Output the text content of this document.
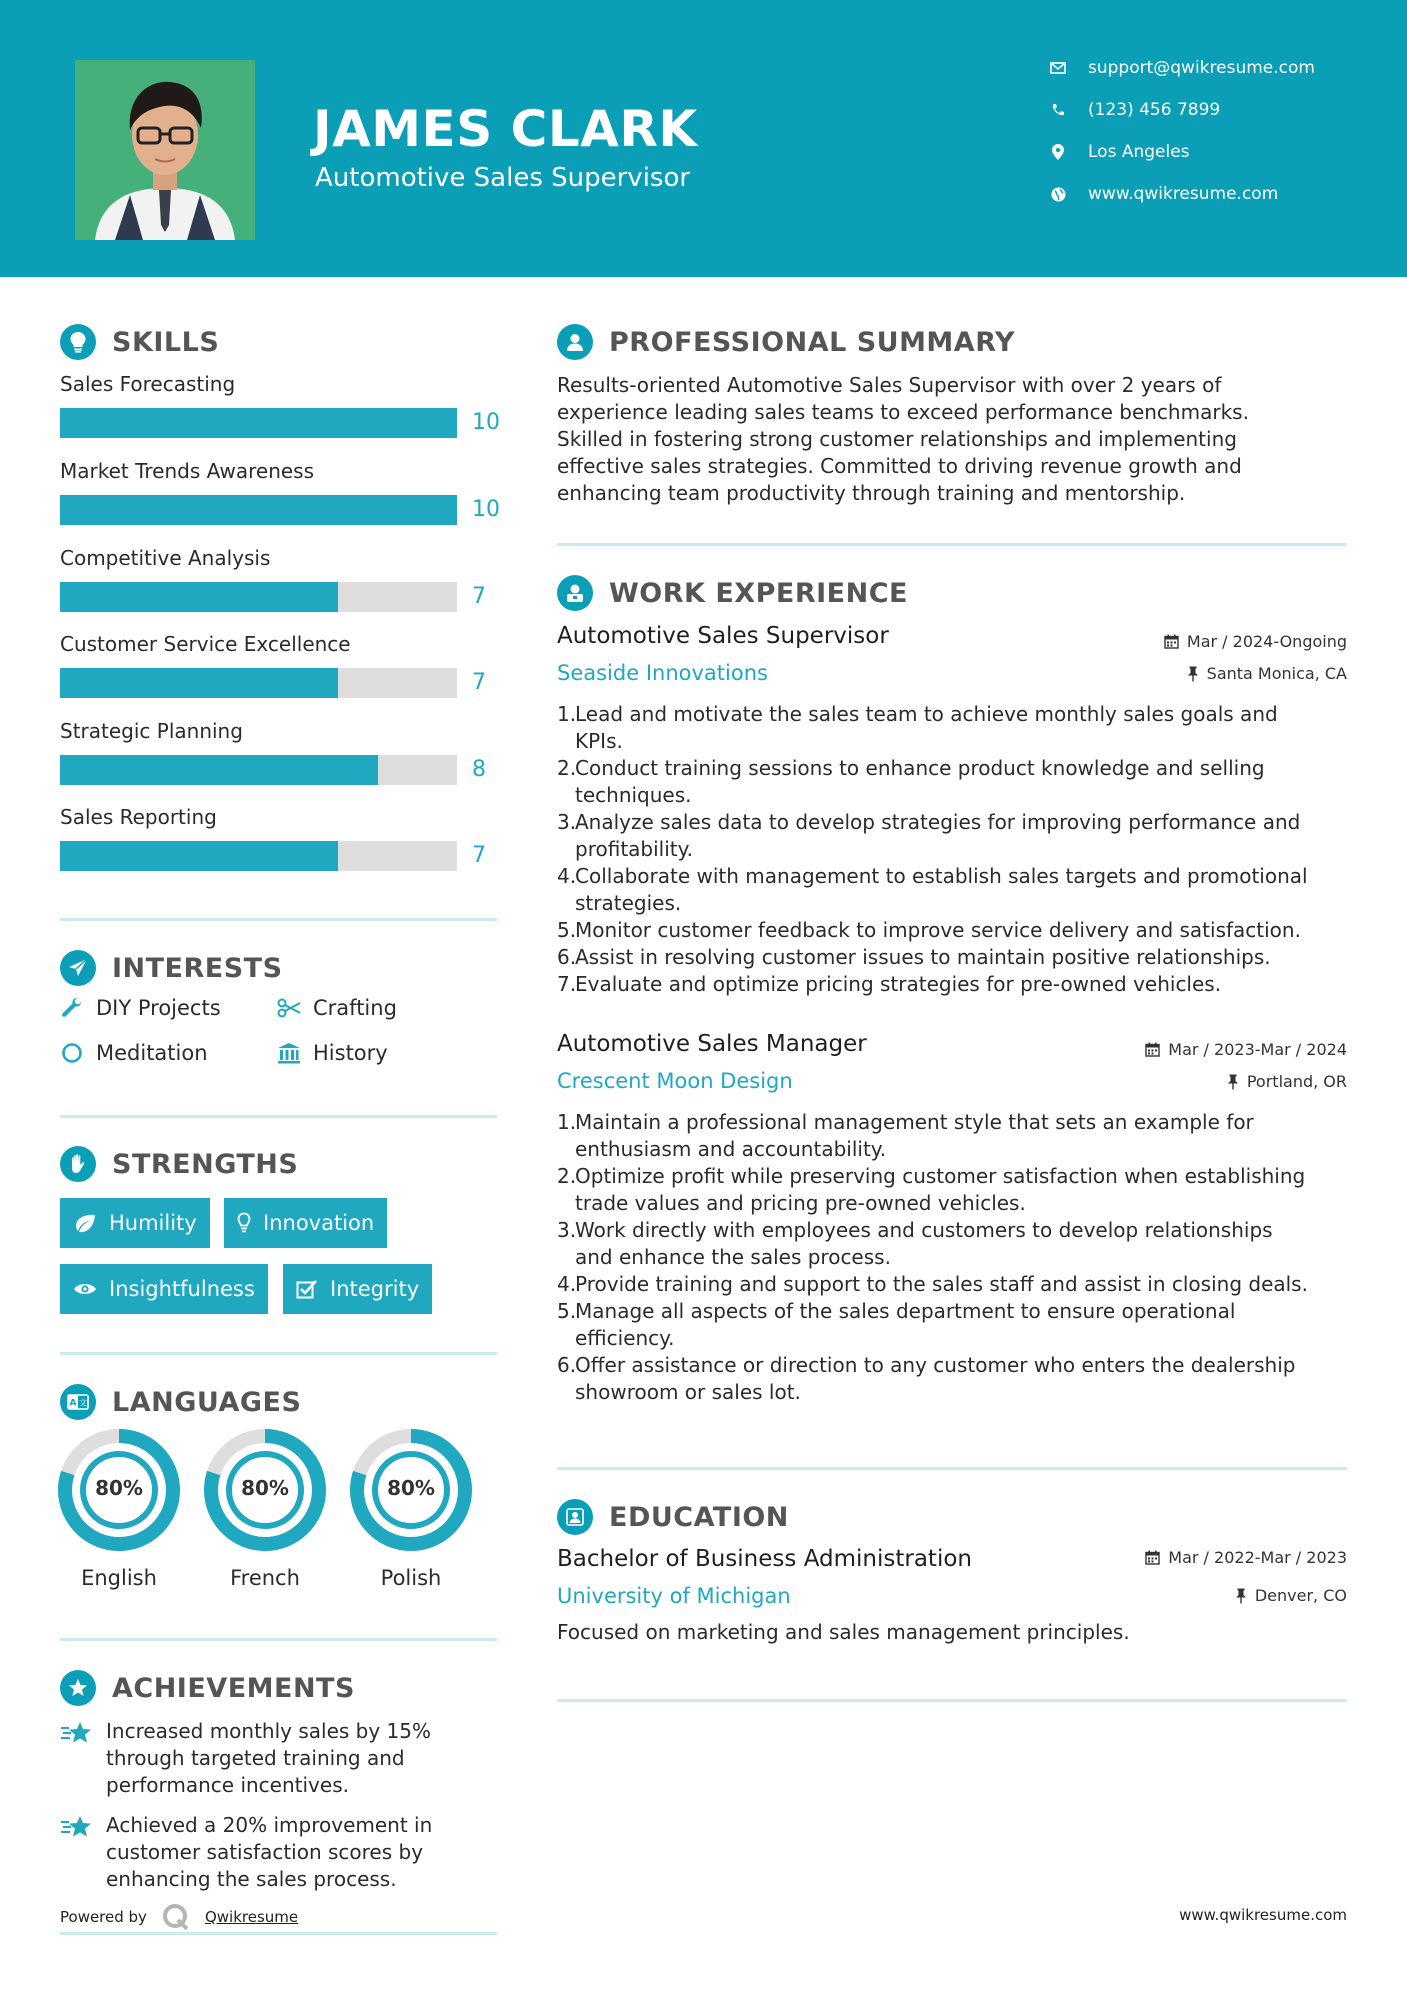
JAMES CLARK
Automotive Sales Supervisor
support@qwikresume.com
(123) 456 7899
Los Angeles
www.qwikresume.com
SKILLS
Sales Forecasting
10
Market Trends Awareness
10
Competitive Analysis
7
Customer Service Excellence
7
Strategic Planning
8
Sales Reporting
7
INTERESTS
DIY Projects	Crafting
Meditation	History
STRENGTHS
Humility	Innovation
Insightfulness	Integrity
A 文 LANGUAGES
80%
English
80%
French
80%
Polish
ACHIEVEMENTS
Increased monthly sales by 15%
through targeted training and
performance incentives.
Achieved a 20% improvement in
customer satisfaction scores by
enhancing the sales process.
Powered by	Qwikresume
PROFESSIONAL SUMMARY
Results-oriented Automotive Sales Supervisor with over 2 years of
experience leading sales teams to exceed performance benchmarks.
Skilled in fostering strong customer relationships and implementing
effective sales strategies. Committed to driving revenue growth and
enhancing team productivity through training and mentorship.
WORK EXPERIENCE
Automotive Sales Supervisor	Mar / 2024-Ongoing
Seaside Innovations	Santa Monica, CA
1.
Lead and motivate the sales team to achieve monthly sales goals and
KPIs.
2.
Conduct training sessions to enhance product knowledge and selling
techniques.
3.
Analyze sales data to develop strategies for improving performance and
profitability.
4.
Collaborate with management to establish sales targets and promotional
strategies.
5.
Monitor customer feedback to improve service delivery and satisfaction.
6.
Assist in resolving customer issues to maintain positive relationships.
7.
Evaluate and optimize pricing strategies for pre-owned vehicles.
Automotive Sales Manager	Mar / 2023-Mar / 2024
Crescent Moon Design	Portland, OR
1.
Maintain a professional management style that sets an example for
enthusiasm and accountability.
2.
Optimize profit while preserving customer satisfaction when establishing
trade values and pricing pre-owned vehicles.
3.
Work directly with employees and customers to develop relationships
and enhance the sales process.
4.
Provide training and support to the sales staff and assist in closing deals.
5.
Manage all aspects of the sales department to ensure operational
efficiency.
6.
Offer assistance or direction to any customer who enters the dealership
showroom or sales lot.
EDUCATION
Bachelor of Business Administration	Mar / 2022-Mar / 2023
University of Michigan	Denver, CO
Focused on marketing and sales management principles.
www.qwikresume.com
